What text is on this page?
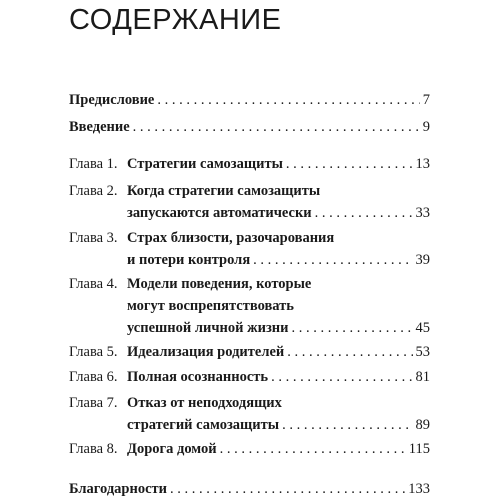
СОДЕРЖАНИЕ
Предисловие . . .	7
Введение . . .	9
Глава 1. Стратегии самозащиты . . .	13
Глава 2. Когда стратегии самозащиты
запускаются автоматически . . .	33
Глава 3. Страх близости, разочарования
и потери контроля . . .	39
Глава 4. Модели поведения, которые
могут воспрепятствовать
успешной личной жизни . . .	45
Глава 5. Идеализация родителей . . .	53
Глава 6. Полная осознанность . . .	81
Глава 7. Отказ от неподходящих
стратегий самозащиты . . .	89
Глава 8. Дорога домой . . .	115
Благодарности . . .	133
